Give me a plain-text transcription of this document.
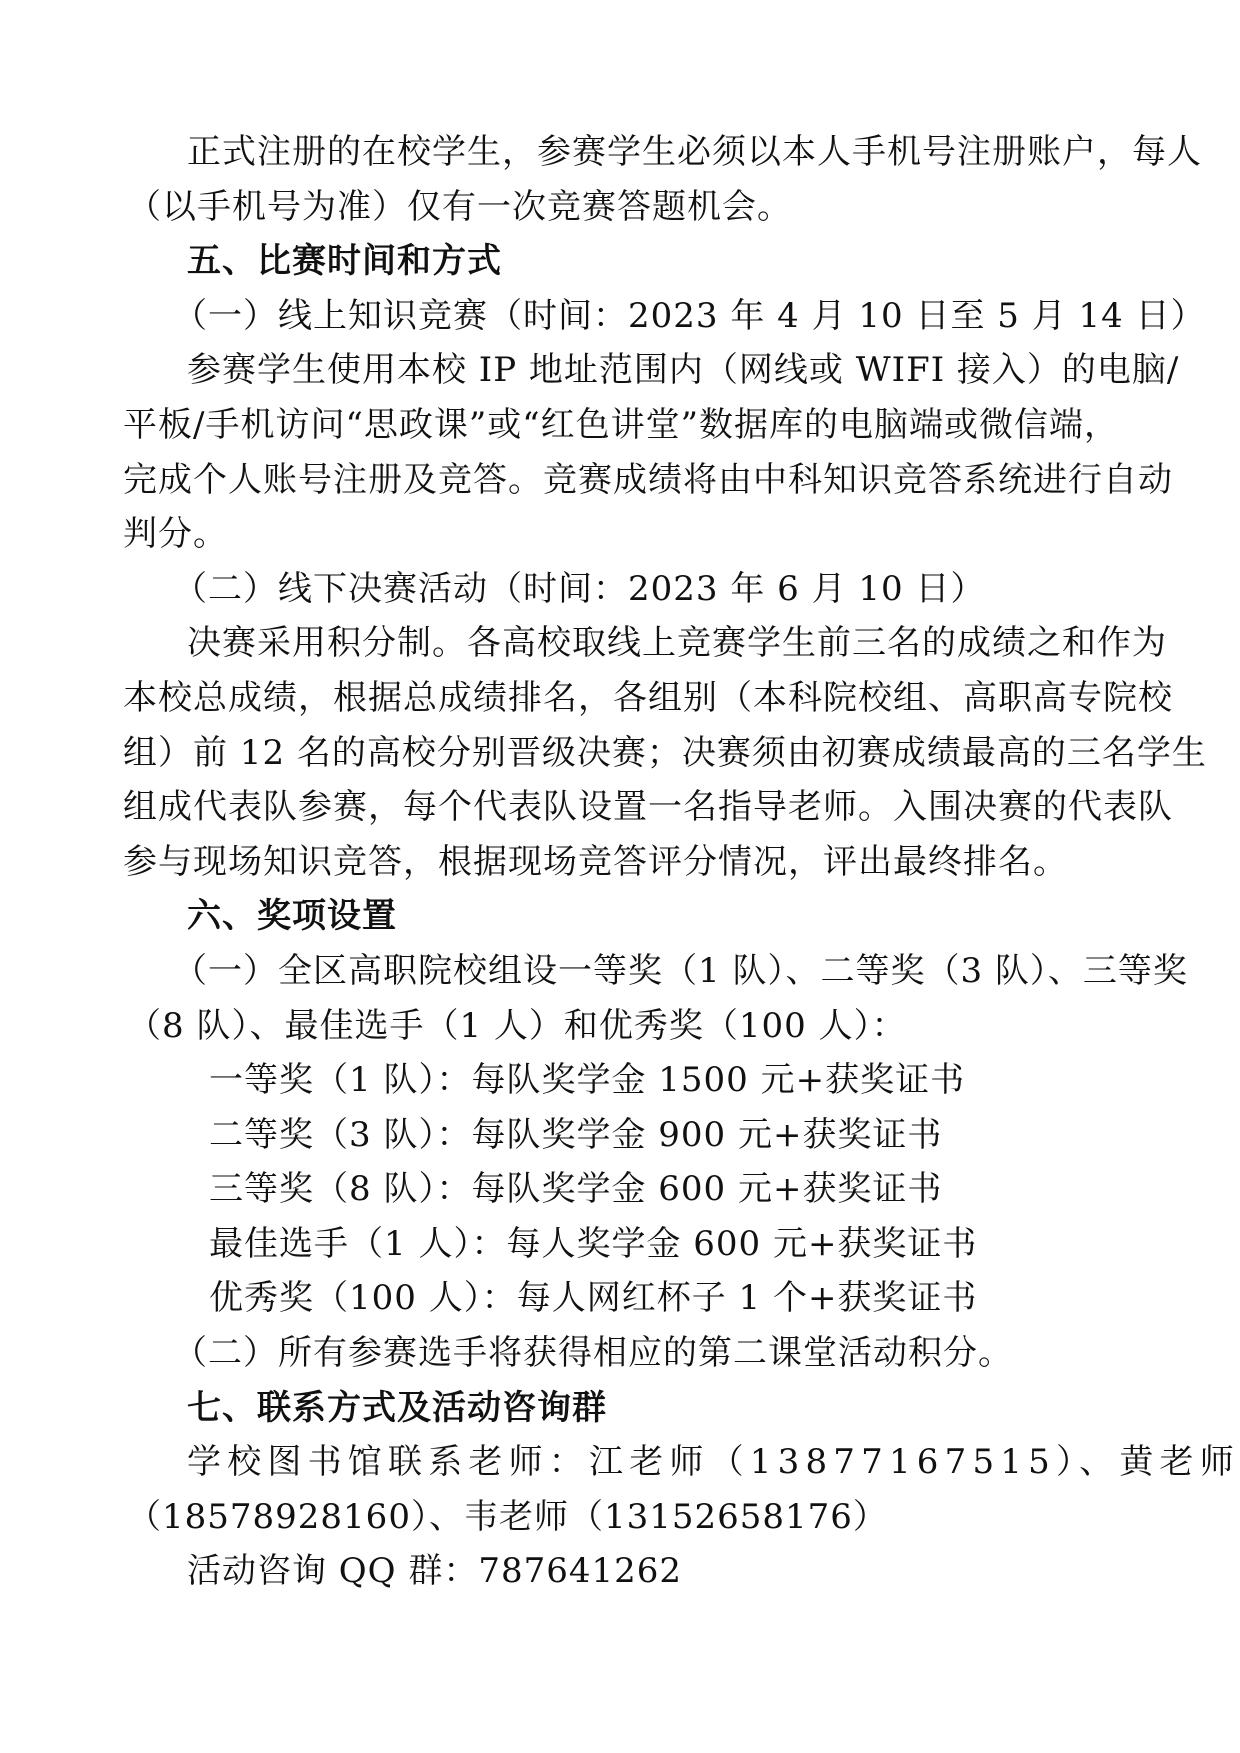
正式注册的在校学生，参赛学生必须以本人手机号注册账户，每人
（以手机号为准）仅有一次竞赛答题机会。
五、比赛时间和方式
（一）线上知识竞赛（时间：2023 年 4 月 10 日至 5 月 14 日）
参赛学生使用本校 IP 地址范围内（网线或 WIFI 接入）的电脑/
平板/手机访问“思政课”或“红色讲堂”数据库的电脑端或微信端，
完成个人账号注册及竞答。竞赛成绩将由中科知识竞答系统进行自动
判分。
（二）线下决赛活动（时间：2023 年 6 月 10 日）
决赛采用积分制。各高校取线上竞赛学生前三名的成绩之和作为
本校总成绩，根据总成绩排名，各组别（本科院校组、高职高专院校
组）前 12 名的高校分别晋级决赛；决赛须由初赛成绩最高的三名学生
组成代表队参赛，每个代表队设置一名指导老师。入围决赛的代表队
参与现场知识竞答，根据现场竞答评分情况，评出最终排名。
六、奖项设置
（一）全区高职院校组设一等奖（1 队）、二等奖（3 队）、三等奖
（8 队）、最佳选手（1 人）和优秀奖（100 人）：
一等奖（1 队）：每队奖学金 1500 元+获奖证书
二等奖（3 队）：每队奖学金 900 元+获奖证书
三等奖（8 队）：每队奖学金 600 元+获奖证书
最佳选手（1 人）：每人奖学金 600 元+获奖证书
优秀奖（100 人）：每人网红杯子 1 个+获奖证书
（二）所有参赛选手将获得相应的第二课堂活动积分。
七、联系方式及活动咨询群
学校图书馆联系老师：江老师（13877167515）、黄老师
（18578928160）、韦老师（13152658176）
活动咨询 QQ 群：787641262
